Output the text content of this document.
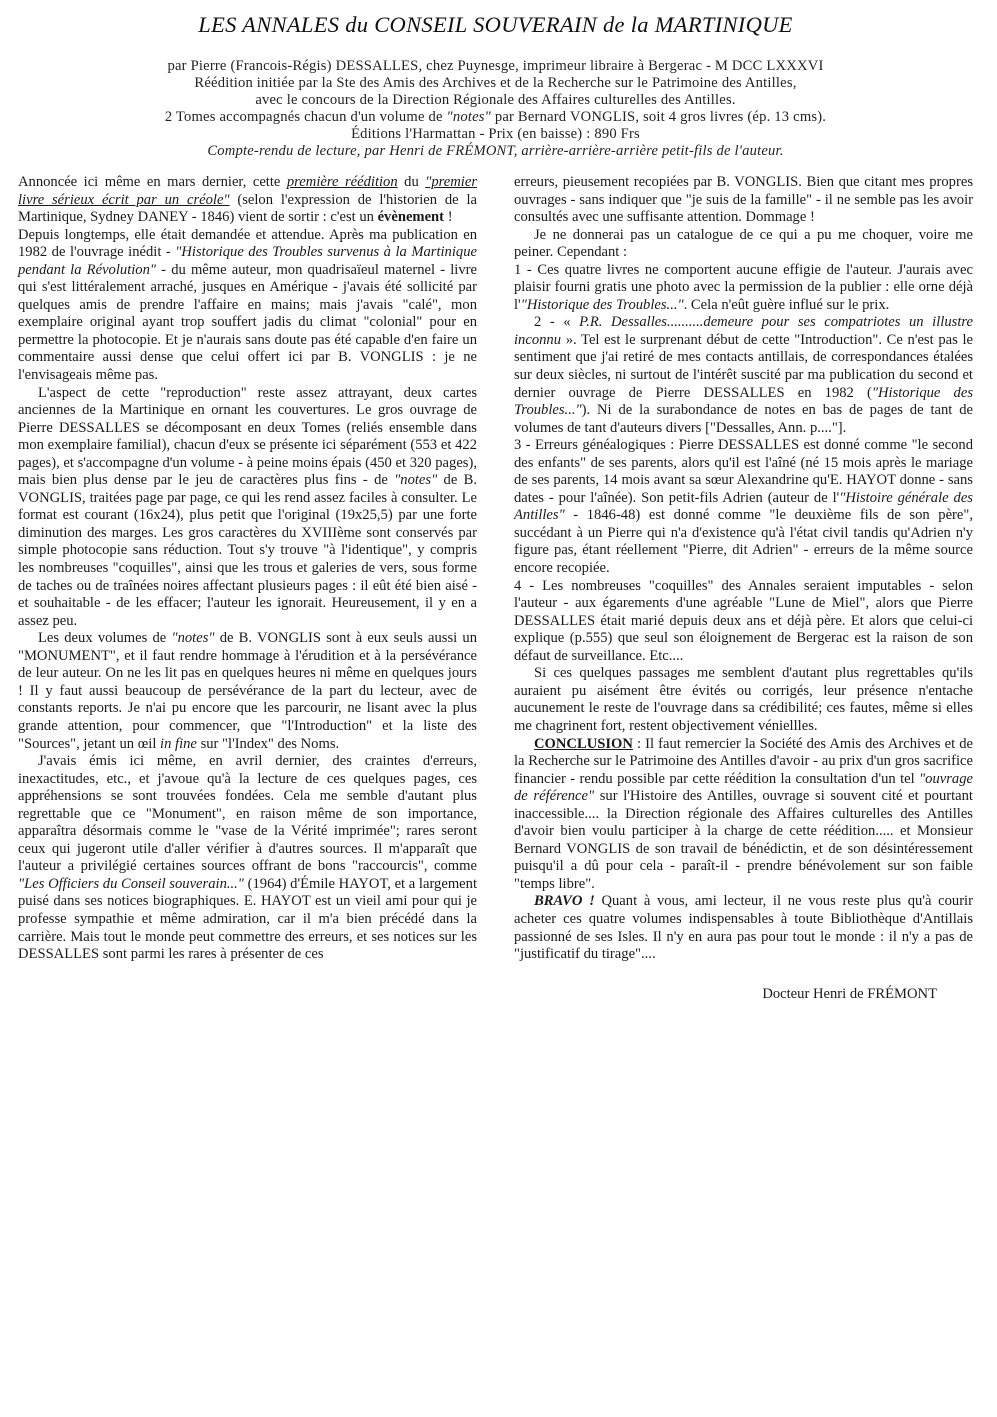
LES ANNALES du CONSEIL SOUVERAIN de la MARTINIQUE
par Pierre (Francois-Régis) DESSALLES, chez Puynesge, imprimeur libraire à Bergerac - M DCC LXXXVI
Réédition initiée par la Ste des Amis des Archives et de la Recherche sur le Patrimoine des Antilles,
avec le concours de la Direction Régionale des Affaires culturelles des Antilles.
2 Tomes accompagnés chacun d'un volume de "notes" par Bernard VONGLIS, soit 4 gros livres (ép. 13 cms).
Éditions l'Harmattan - Prix (en baisse) : 890 Frs
Compte-rendu de lecture, par Henri de FRÉMONT, arrière-arrière-arrière petit-fils de l'auteur.

Annoncée ici même en mars dernier, cette première réédition du "premier livre sérieux écrit par un créole" (selon l'expression de l'historien de la Martinique, Sydney DANEY - 1846) vient de sortir : c'est un évènement !

Depuis longtemps, elle était demandée et attendue. Après ma publication en 1982 de l'ouvrage inédit - "Historique des Troubles survenus à la Martinique pendant la Révolution" - du même auteur, mon quadrisaïeul maternel - livre qui s'est littéralement arraché, jusques en Amérique - j'avais été sollicité par quelques amis de prendre l'affaire en mains; mais j'avais "calé", mon exemplaire original ayant trop souffert jadis du climat "colonial" pour en permettre la photocopie. Et je n'aurais sans doute pas été capable d'en faire un commentaire aussi dense que celui offert ici par B. VONGLIS : je ne l'envisageais même pas.

L'aspect de cette "reproduction" reste assez attrayant, deux cartes anciennes de la Martinique en ornant les couvertures. Le gros ouvrage de Pierre DESSALLES se décomposant en deux Tomes (reliés ensemble dans mon exemplaire familial), chacun d'eux se présente ici séparément (553 et 422 pages), et s'accompagne d'un volume - à peine moins épais (450 et 320 pages), mais bien plus dense par le jeu de caractères plus fins - de "notes" de B. VONGLIS, traitées page par page, ce qui les rend assez faciles à consulter. Le format est courant (16x24), plus petit que l'original (19x25,5) par une forte diminution des marges. Les gros caractères du XVIIIème sont conservés par simple photocopie sans réduction. Tout s'y trouve "à l'identique", y compris les nombreuses "coquilles", ainsi que les trous et galeries de vers, sous forme de taches ou de traînées noires affectant plusieurs pages : il eût été bien aisé - et souhaitable - de les effacer; l'auteur les ignorait. Heureusement, il y en a assez peu.

Les deux volumes de "notes" de B. VONGLIS sont à eux seuls aussi un "MONUMENT", et il faut rendre hommage à l'érudition et à la persévérance de leur auteur. On ne les lit pas en quelques heures ni même en quelques jours ! Il y faut aussi beaucoup de persévérance de la part du lecteur, avec de constants reports. Je n'ai pu encore que les parcourir, ne lisant avec la plus grande attention, pour commencer, que "l'Introduction" et la liste des "Sources", jetant un œil in fine sur "l'Index" des Noms.

J'avais émis ici même, en avril dernier, des craintes d'erreurs, inexactitudes, etc., et j'avoue qu'à la lecture de ces quelques pages, ces appréhensions se sont trouvées fondées. Cela me semble d'autant plus regrettable que ce "Monument", en raison même de son importance, apparaîtra désormais comme le "vase de la Vérité imprimée"; rares seront ceux qui jugeront utile d'aller vérifier à d'autres sources. Il m'apparaît que l'auteur a privilégié certaines sources offrant de bons "raccourcis", comme "Les Officiers du Conseil souverain..." (1964) d'Émile HAYOT, et a largement puisé dans ses notices biographiques. E. HAYOT est un vieil ami pour qui je professe sympathie et même admiration, car il m'a bien précédé dans la carrière. Mais tout le monde peut commettre des erreurs, et ses notices sur les DESSALLES sont parmi les rares à présenter de ces

erreurs, pieusement recopiées par B. VONGLIS. Bien que citant mes propres ouvrages - sans indiquer que "je suis de la famille" - il ne semble pas les avoir consultés avec une suffisante attention. Dommage !

Je ne donnerai pas un catalogue de ce qui a pu me choquer, voire me peiner. Cependant :

1 - Ces quatre livres ne comportent aucune effigie de l'auteur. J'aurais avec plaisir fourni gratis une photo avec la permission de la publier : elle orne déjà l'"Historique des Troubles...". Cela n'eût guère influé sur le prix.

2 - « P.R. Dessalles..........demeure pour ses compatriotes un illustre inconnu ». Tel est le surprenant début de cette "Introduction". Ce n'est pas le sentiment que j'ai retiré de mes contacts antillais, de correspondances étalées sur deux siècles, ni surtout de l'intérêt suscité par ma publication du second et dernier ouvrage de Pierre DESSALLES en 1982 ("Historique des Troubles..."). Ni de la surabondance de notes en bas de pages de tant de volumes de tant d'auteurs divers ["Dessalles, Ann. p...."].

3 - Erreurs généalogiques : Pierre DESSALLES est donné comme "le second des enfants" de ses parents, alors qu'il est l'aîné (né 15 mois après le mariage de ses parents, 14 mois avant sa sœur Alexandrine qu'E. HAYOT donne - sans dates - pour l'aînée). Son petit-fils Adrien (auteur de l'"Histoire générale des Antilles" - 1846-48) est donné comme "le deuxième fils de son père", succédant à un Pierre qui n'a d'existence qu'à l'état civil tandis qu'Adrien n'y figure pas, étant réellement "Pierre, dit Adrien" - erreurs de la même source encore recopiée.

4 - Les nombreuses "coquilles" des Annales seraient imputables - selon l'auteur - aux égarements d'une agréable "Lune de Miel", alors que Pierre DESSALLES était marié depuis deux ans et déjà père. Et alors que celui-ci explique (p.555) que seul son éloignement de Bergerac est la raison de son défaut de surveillance. Etc....

Si ces quelques passages me semblent d'autant plus regrettables qu'ils auraient pu aisément être évités ou corrigés, leur présence n'entache aucunement le reste de l'ouvrage dans sa crédibilité; ces fautes, même si elles me chagrinent fort, restent objectivement véniellles.

CONCLUSION : Il faut remercier la Société des Amis des Archives et de la Recherche sur le Patrimoine des Antilles d'avoir - au prix d'un gros sacrifice financier - rendu possible par cette réédition la consultation d'un tel "ouvrage de référence" sur l'Histoire des Antilles, ouvrage si souvent cité et pourtant inaccessible.... la Direction régionale des Affaires culturelles des Antilles d'avoir bien voulu participer à la charge de cette réédition..... et Monsieur Bernard VONGLIS de son travail de bénédictin, et de son désintéressement puisqu'il a dû pour cela - paraît-il - prendre bénévolement sur son faible "temps libre".

BRAVO ! Quant à vous, ami lecteur, il ne vous reste plus qu'à courir acheter ces quatre volumes indispensables à toute Bibliothèque d'Antillais passionné de ses Isles. Il n'y en aura pas pour tout le monde : il n'y a pas de "justificatif du tirage"....

Docteur Henri de FRÉMONT
